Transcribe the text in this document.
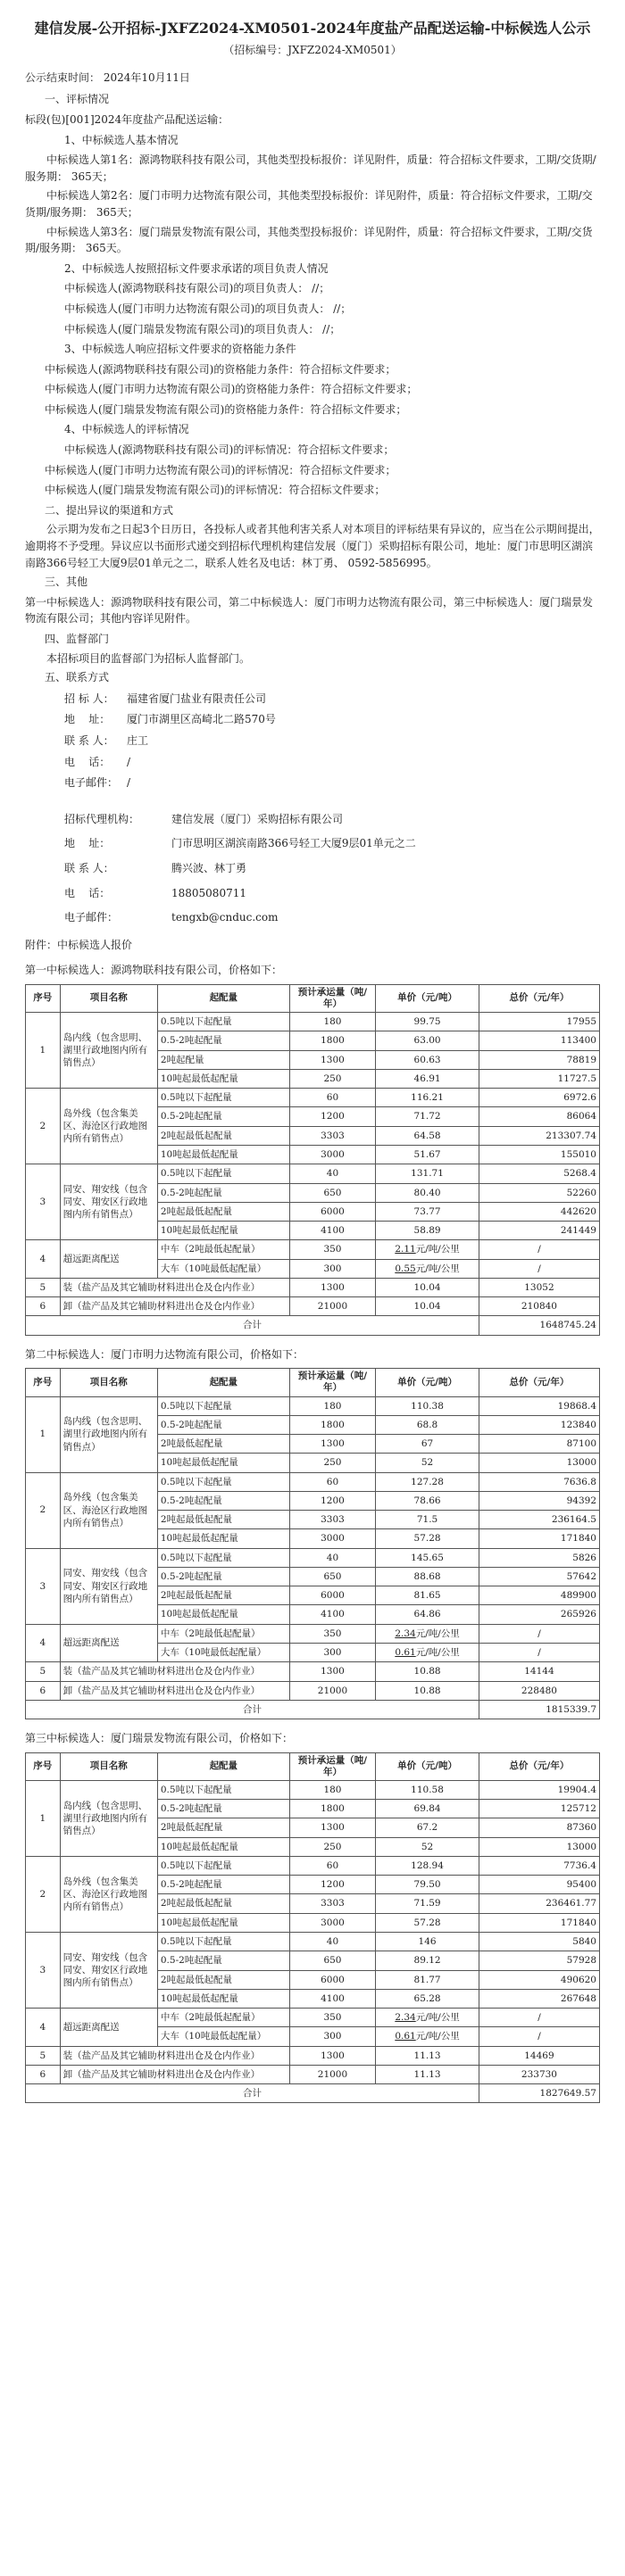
建信发展-公开招标-JXFZ2024-XM0501-2024年度盐产品配送运输-中标候选人公示
（招标编号：JXFZ2024-XM0501）
公示结束时间： 2024年10月11日
一、评标情况
标段(包)[001]2024年度盐产品配送运输：
1、中标候选人基本情况
中标候选人第1名：源鸿物联科技有限公司，其他类型投标报价：详见附件，质量：符合招标文件要求，工期/交货期/服务期： 365天；
中标候选人第2名：厦门市明力达物流有限公司，其他类型投标报价：详见附件，质量：符合招标文件要求，工期/交货期/服务期： 365天；
中标候选人第3名：厦门瑞景发物流有限公司，其他类型投标报价：详见附件，质量：符合招标文件要求，工期/交货期/服务期： 365天。
2、中标候选人按照招标文件要求承诺的项目负责人情况
中标候选人(源鸿物联科技有限公司)的项目负责人： //；
中标候选人(厦门市明力达物流有限公司)的项目负责人： //；
中标候选人(厦门瑞景发物流有限公司)的项目负责人： //；
3、中标候选人响应招标文件要求的资格能力条件
中标候选人(源鸿物联科技有限公司)的资格能力条件：符合招标文件要求；
中标候选人(厦门市明力达物流有限公司)的资格能力条件：符合招标文件要求；
中标候选人(厦门瑞景发物流有限公司)的资格能力条件：符合招标文件要求；
4、中标候选人的评标情况
中标候选人(源鸿物联科技有限公司)的评标情况：符合招标文件要求；
中标候选人(厦门市明力达物流有限公司)的评标情况：符合招标文件要求；
中标候选人(厦门瑞景发物流有限公司)的评标情况：符合招标文件要求；
二、提出异议的渠道和方式
公示期为发布之日起3个日历日，各投标人或者其他利害关系人对本项目的评标结果有异议的，应当在公示期间提出，逾期将不予受理。异议应以书面形式递交到招标代理机构建信发展（厦门）采购招标有限公司，地址：厦门市思明区湖滨南路366号轻工大厦9层01单元之二，联系人姓名及电话：林丁勇、 0592-5856995。
三、其他
第一中标候选人：源鸿物联科技有限公司，第二中标候选人：厦门市明力达物流有限公司，第三中标候选人：厦门瑞景发物流有限公司；其他内容详见附件。
四、监督部门
本招标项目的监督部门为招标人监督部门。
五、联系方式
招 标 人：	福建省厦门盐业有限责任公司
地    址：	厦门市湖里区高崎北二路570号
联 系 人：	庄工
电    话：	/
电子邮件： /
招标代理机构：	建信发展（厦门）采购招标有限公司
地    址：	门市思明区湖滨南路366号轻工大厦9层01单元之二
联 系 人：	腾兴波、林丁勇
电    话：	18805080711
电子邮件：	tengxb@cnduc.com
附件：中标候选人报价
第一中标候选人：源鸿物联科技有限公司，价格如下：
序号	项目名称	起配量	预计承运量（吨/年）	单价（元/吨）	总价（元/年）
1	岛内线（包含思明、湖里行政地图内所有销售点）	0.5吨以下起配量	180	99.75	17955
		0.5-2吨起配量	1800	63.00	113400
		2吨起配量	1300	60.63	78819
		10吨起最低起配量	250	46.91	11727.5
2	岛外线（包含集美区、海沧区行政地图内所有销售点）	0.5吨以下起配量	60	116.21	6972.6
		0.5-2吨起配量	1200	71.72	86064
		2吨起最低起配量	3303	64.58	213307.74
		10吨起最低起配量	3000	51.67	155010
3	同安、翔安线（包含同安、翔安区行政地图内所有销售点）	0.5吨以下起配量	40	131.71	5268.4
		0.5-2吨起配量	650	80.40	52260
		2吨起最低起配量	6000	73.77	442620
		10吨起最低起配量	4100	58.89	241449
4	超远距离配送	中车（2吨最低起配量）	350	2.11元/吨/公里	/
		大车（10吨最低起配量）	300	0.55元/吨/公里	/
5	装（盐产品及其它辅助材料进出仓及仓内作业）		1300	10.04	13052
6	卸（盐产品及其它辅助材料进出仓及仓内作业）		21000	10.04	210840
合计					1648745.24
第二中标候选人：厦门市明力达物流有限公司，价格如下：
序号	项目名称	起配量	预计承运量（吨/年）	单价（元/吨）	总价（元/年）
1	岛内线（包含思明、湖里行政地图内所有销售点）	0.5吨以下起配量	180	110.38	19868.4
		0.5-2吨起配量	1800	68.8	123840
		2吨最低起配量	1300	67	87100
		10吨起最低起配量	250	52	13000
2	岛外线（包含集美区、海沧区行政地图内所有销售点）	0.5吨以下起配量	60	127.28	7636.8
		0.5-2吨起配量	1200	78.66	94392
		2吨起最低起配量	3303	71.5	236164.5
		10吨起最低起配量	3000	57.28	171840
3	同安、翔安线（包含同安、翔安区行政地图内所有销售点）	0.5吨以下起配量	40	145.65	5826
		0.5-2吨起配量	650	88.68	57642
		2吨起最低起配量	6000	81.65	489900
		10吨起最低起配量	4100	64.86	265926
4	超远距离配送	中车（2吨最低起配量）	350	2.34元/吨/公里	/
		大车（10吨最低起配量）	300	0.61元/吨/公里	/
5	装（盐产品及其它辅助材料进出仓及仓内作业）		1300	10.88	14144
6	卸（盐产品及其它辅助材料进出仓及仓内作业）		21000	10.88	228480
合计					1815339.7
第三中标候选人：厦门瑞景发物流有限公司，价格如下：
序号	项目名称	起配量	预计承运量（吨/年）	单价（元/吨）	总价（元/年）
1	岛内线（包含思明、湖里行政地图内所有销售点）	0.5吨以下起配量	180	110.58	19904.4
		0.5-2吨起配量	1800	69.84	125712
		2吨最低起配量	1300	67.2	87360
		10吨起最低起配量	250	52	13000
2	岛外线（包含集美区、海沧区行政地图内所有销售点）	0.5吨以下起配量	60	128.94	7736.4
		0.5-2吨起配量	1200	79.50	95400
		2吨起最低起配量	3303	71.59	236461.77
		10吨起最低起配量	3000	57.28	171840
3	同安、翔安线（包含同安、翔安区行政地图内所有销售点）	0.5吨以下起配量	40	146	5840
		0.5-2吨起配量	650	89.12	57928
		2吨起最低起配量	6000	81.77	490620
		10吨起最低起配量	4100	65.28	267648
4	超远距离配送	中车（2吨最低起配量）	350	2.34元/吨/公里	/
		大车（10吨最低起配量）	300	0.61元/吨/公里	/
5	装（盐产品及其它辅助材料进出仓及仓内作业）		1300	11.13	14469
6	卸（盐产品及其它辅助材料进出仓及仓内作业）		21000	11.13	233730
合计					1827649.57
